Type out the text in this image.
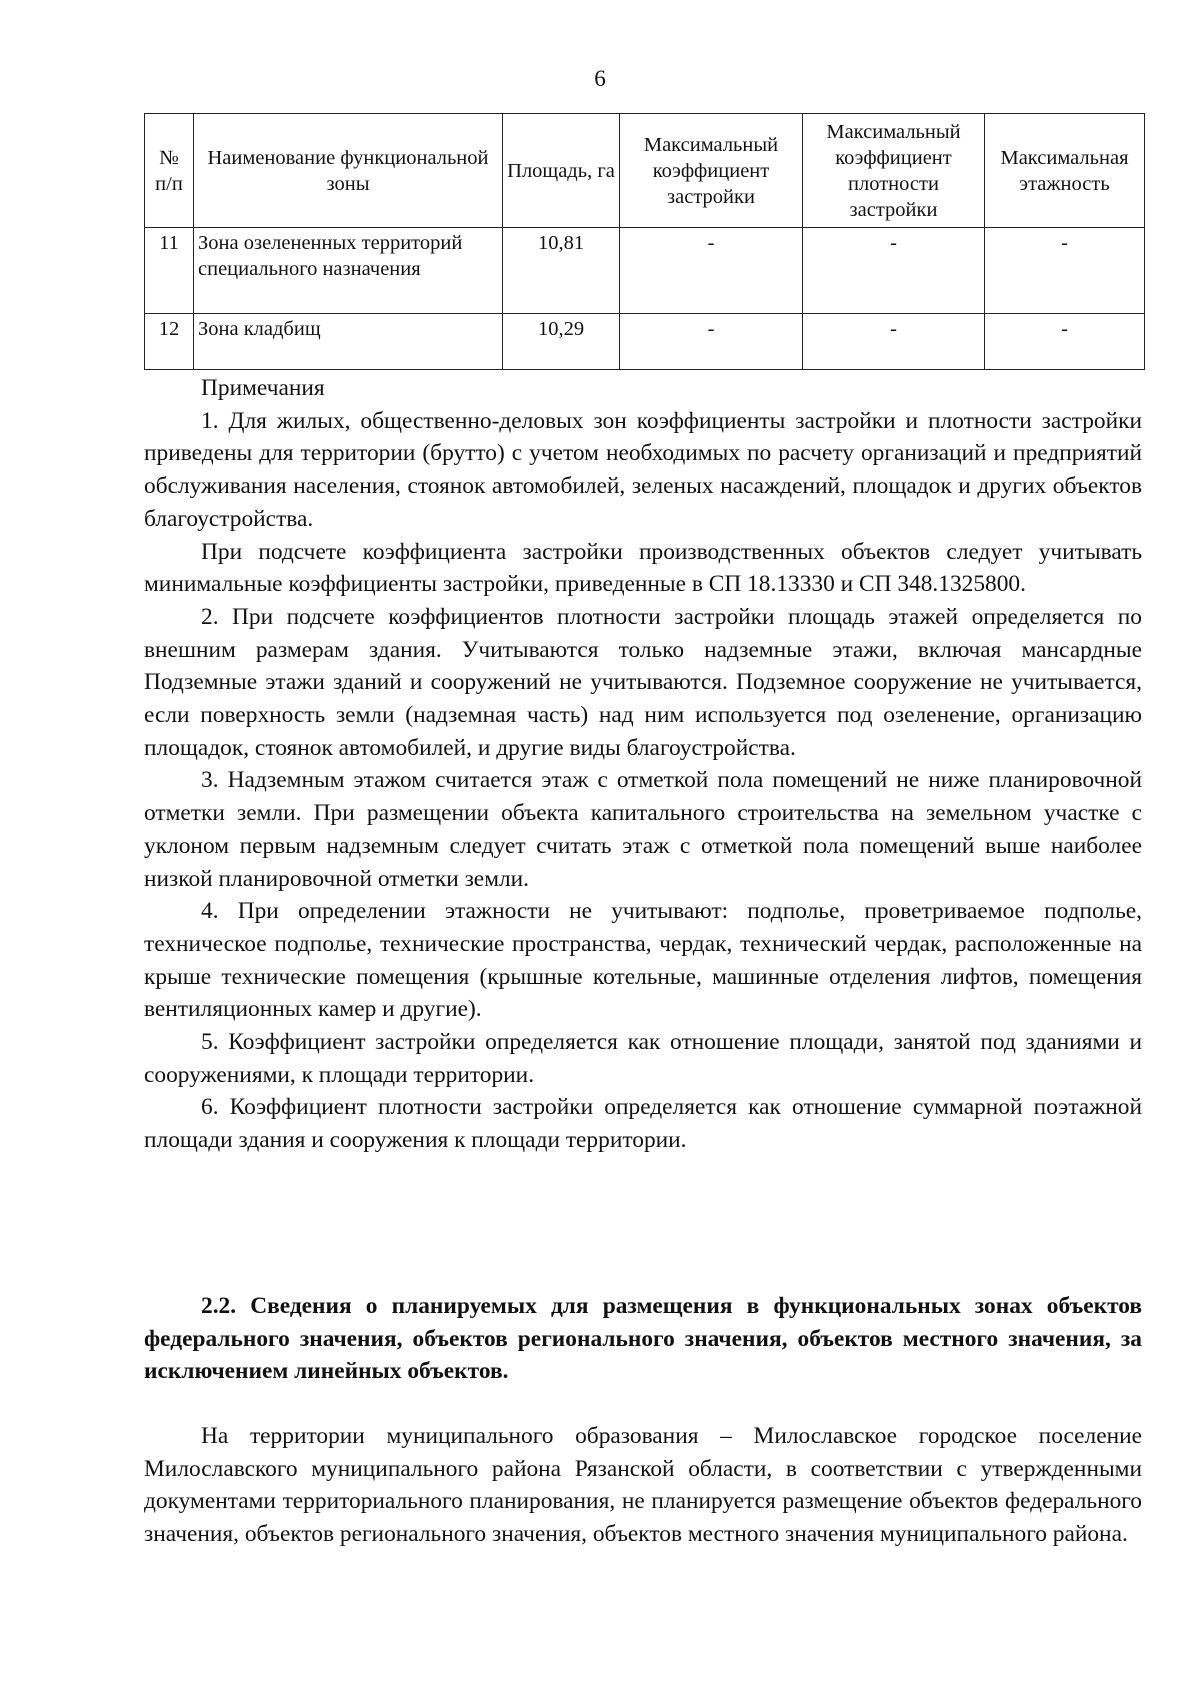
6
№ п/п	Наименование функциональной зоны	Площадь, га	Максимальный коэффициент застройки	Максимальный коэффициент плотности застройки	Максимальная этажность
11	Зона озелененных территорий специального назначения	10,81	-	-	-
12	Зона кладбищ	10,29	-	-	-

Примечания

1. Для жилых, общественно-деловых зон коэффициенты застройки и плотности застройки приведены для территории (брутто) с учетом необходимых по расчету организаций и предприятий обслуживания населения, стоянок автомобилей, зеленых насаждений, площадок и других объектов благоустройства.

При подсчете коэффициента застройки производственных объектов следует учитывать минимальные коэффициенты застройки, приведенные в СП 18.13330 и СП 348.1325800.

2. При подсчете коэффициентов плотности застройки площадь этажей определяется по внешним размерам здания. Учитываются только надземные этажи, включая мансардные Подземные этажи зданий и сооружений не учитываются. Подземное сооружение не учитывается, если поверхность земли (надземная часть) над ним используется под озеленение, организацию площадок, стоянок автомобилей, и другие виды благоустройства.

3. Надземным этажом считается этаж с отметкой пола помещений не ниже планировочной отметки земли. При размещении объекта капитального строительства на земельном участке с уклоном первым надземным следует считать этаж с отметкой пола помещений выше наиболее низкой планировочной отметки земли.

4. При определении этажности не учитывают: подполье, проветриваемое подполье, техническое подполье, технические пространства, чердак, технический чердак, расположенные на крыше технические помещения (крышные котельные, машинные отделения лифтов, помещения вентиляционных камер и другие).

5. Коэффициент застройки определяется как отношение площади, занятой под зданиями и сооружениями, к площади территории.

6. Коэффициент плотности застройки определяется как отношение суммарной поэтажной площади здания и сооружения к площади территории.

2.2. Сведения о планируемых для размещения в функциональных зонах объектов федерального значения, объектов регионального значения, объектов местного значения, за исключением линейных объектов.
На территории муниципального образования – Милославское городское поселение Милославского муниципального района Рязанской области, в соответствии с утвержденными документами территориального планирования, не планируется размещение объектов федерального значения, объектов регионального значения, объектов местного значения муниципального района.
